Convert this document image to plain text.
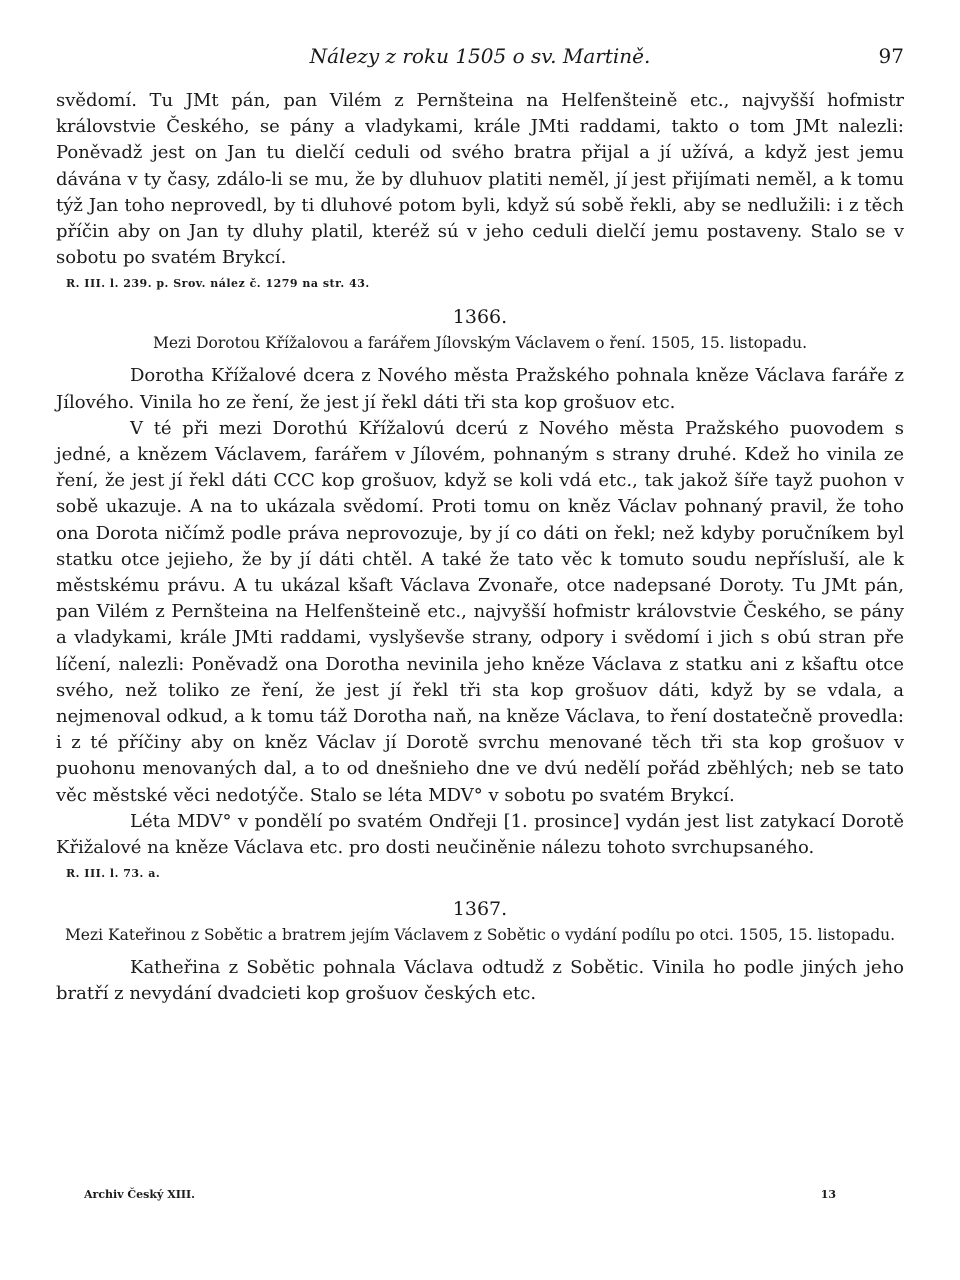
Nálezy z roku 1505 o sv. Martině.	97

svědomí. Tu JMt pán, pan Vilém z Pernšteina na Helfenšteině etc., najvyšší hofmistr královstvie Českého, se pány a vladykami, krále JMti raddami, takto o tom JMt nalezli: Poněvadž jest on Jan tu dielčí ceduli od svého bratra přijal a jí užívá, a když jest jemu dávána v ty časy, zdálo-li se mu, že by dluhuov platiti neměl, jí jest přijímati neměl, a k tomu týž Jan toho neprovedl, by ti dluhové potom byli, když sú sobě řekli, aby se nedlužili: i z těch příčin aby on Jan ty dluhy platil, kteréž sú v jeho ceduli dielčí jemu postaveny. Stalo se v sobotu po svatém Brykcí.

R. III. l. 239. p. Srov. nález č. 1279 na str. 43.
1366.
Mezi Dorotou Křížalovou a farářem Jílovským Václavem o ření. 1505, 15. listopadu.

Dorotha Křížalové dcera z Nového města Pražského pohnala kněze Václava faráře z Jílového. Vinila ho ze ření, že jest jí řekl dáti tři sta kop grošuov etc.

V té při mezi Dorothú Křížalovú dcerú z Nového města Pražského puovodem s jedné, a knězem Václavem, farářem v Jílovém, pohnaným s strany druhé. Kdež ho vinila ze ření, že jest jí řekl dáti CCC kop grošuov, když se koli vdá etc., tak jakož šíře tayž puohon v sobě ukazuje. A na to ukázala svědomí. Proti tomu on kněz Václav pohnaný pravil, že toho ona Dorota ničímž podle práva neprovozuje, by jí co dáti on řekl; než kdyby poručníkem byl statku otce jejieho, že by jí dáti chtěl. A také že tato věc k tomuto soudu nepřísluší, ale k městskému právu. A tu ukázal kšaft Václava Zvonaře, otce nadepsané Doroty. Tu JMt pán, pan Vilém z Pernšteina na Helfenšteině etc., najvyšší hofmistr královstvie Českého, se pány a vladykami, krále JMti raddami, vyslyševše strany, odpory i svědomí i jich s obú stran pře líčení, nalezli: Poněvadž ona Dorotha nevinila jeho kněze Václava z statku ani z kšaftu otce svého, než toliko ze ření, že jest jí řekl tři sta kop grošuov dáti, když by se vdala, a nejmenoval odkud, a k tomu táž Dorotha naň, na kněze Václava, to ření dostatečně provedla: i z té příčiny aby on kněz Václav jí Dorotě svrchu menované těch tři sta kop grošuov v puohonu menovaných dal, a to od dnešnieho dne ve dvú nedělí pořád zběhlých; neb se tato věc městské věci nedotýče. Stalo se léta MDV° v sobotu po svatém Brykcí.

Léta MDV° v pondělí po svatém Ondřeji [1. prosince] vydán jest list zatykací Dorotě Křižalové na kněze Václava etc. pro dosti neučiněnie nálezu tohoto svrchupsaného.

R. III. l. 73. a.
1367.
Mezi Kateřinou z Sobětic a bratrem jejím Václavem z Sobětic o vydání podílu po otci. 1505, 15. listopadu.

Katheřina z Sobětic pohnala Václava odtudž z Sobětic. Vinila ho podle jiných jeho bratří z nevydání dvadcieti kop grošuov českých etc.

Archiv Český XIII.	13
